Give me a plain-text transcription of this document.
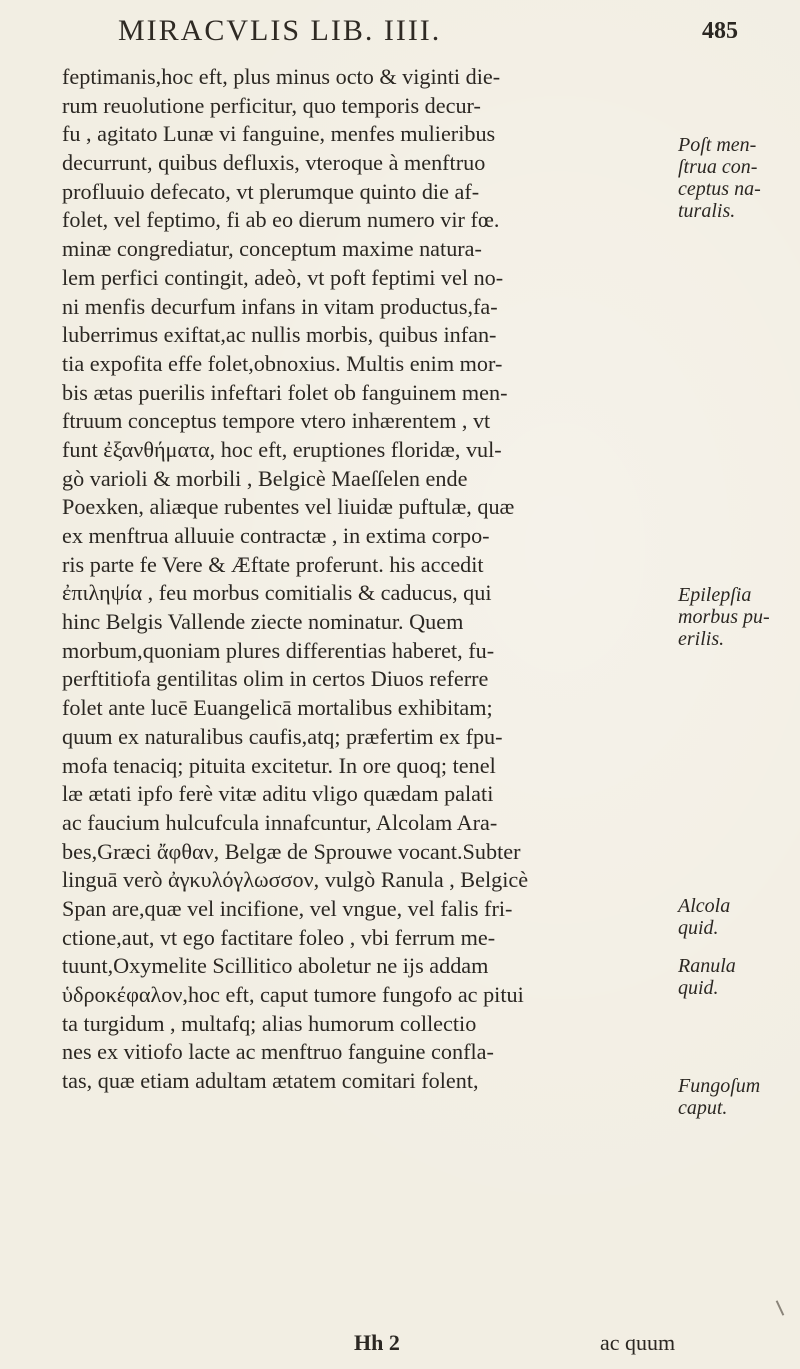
MIRACVLIS LIB. IIII.	485
feptimanis,hoc eft, plus minus octo & viginti die-
rum reuolutione perficitur, quo temporis decur-
fu , agitato Lunæ vi fanguine, menfes mulieribus
decurrunt, quibus defluxis, vteroque à menftruo
profluuio defecato, vt plerumque quinto die af-
folet, vel feptimo, fi ab eo dierum numero vir fœ.
minæ congrediatur, conceptum maxime natura-
lem perfici contingit, adeò, vt poft feptimi vel no-
ni menfis decurfum infans in vitam productus,fa-
luberrimus exiftat,ac nullis morbis, quibus infan-
tia expofita effe folet,obnoxius. Multis enim mor-
bis ætas puerilis infeftari folet ob fanguinem men-
ftruum conceptus tempore vtero inhærentem , vt
funt ἐξανθήματα, hoc eft, eruptiones floridæ, vul-
gò varioli & morbili , Belgicè Maeſſelen ende
Poexken, aliæque rubentes vel liuidæ puftulæ, quæ
ex menftrua alluuie contractæ , in extima corpo-
ris parte fe Vere & Æftate proferunt. his accedit
ἐπιληψία , feu morbus comitialis & caducus, qui
hinc Belgis Vallende ziecte nominatur. Quem
morbum,quoniam plures differentias haberet, fu-
perftitiofa gentilitas olim in certos Diuos referre
folet ante lucē Euangelicā mortalibus exhibitam;
quum ex naturalibus caufis,atq; præfertim ex fpu-
mofa tenaciq; pituita excitetur. In ore quoq; tenel
læ ætati ipfo ferè vitæ aditu vligo quædam palati
ac faucium hulcufcula innafcuntur, Alcolam Ara-
bes,Græci ἄφθαν, Belgæ de Sprouwe vocant.Subter
linguā verò ἀγκυλόγλωσσον, vulgò Ranula , Belgicè
Span are,quæ vel incifione, vel vngue, vel falis fri-
ctione,aut, vt ego factitare foleo , vbi ferrum me-
tuunt,Oxymelite Scillitico aboletur ne ijs addam
ὑδροκέφαλον,hoc eft, caput tumore fungofo ac pitui
ta turgidum , multafq; alias humorum collectio
nes ex vitiofo lacte ac menftruo fanguine confla-
tas, quæ etiam adultam ætatem comitari folent,
Poſt men-
ſtrua con-
ceptus na-
turalis.
Epilepſia
morbus pu-
erilis.
Alcola
quid.
Ranula
quid.
Fungoſum
caput.
Hh 2	ac quum
